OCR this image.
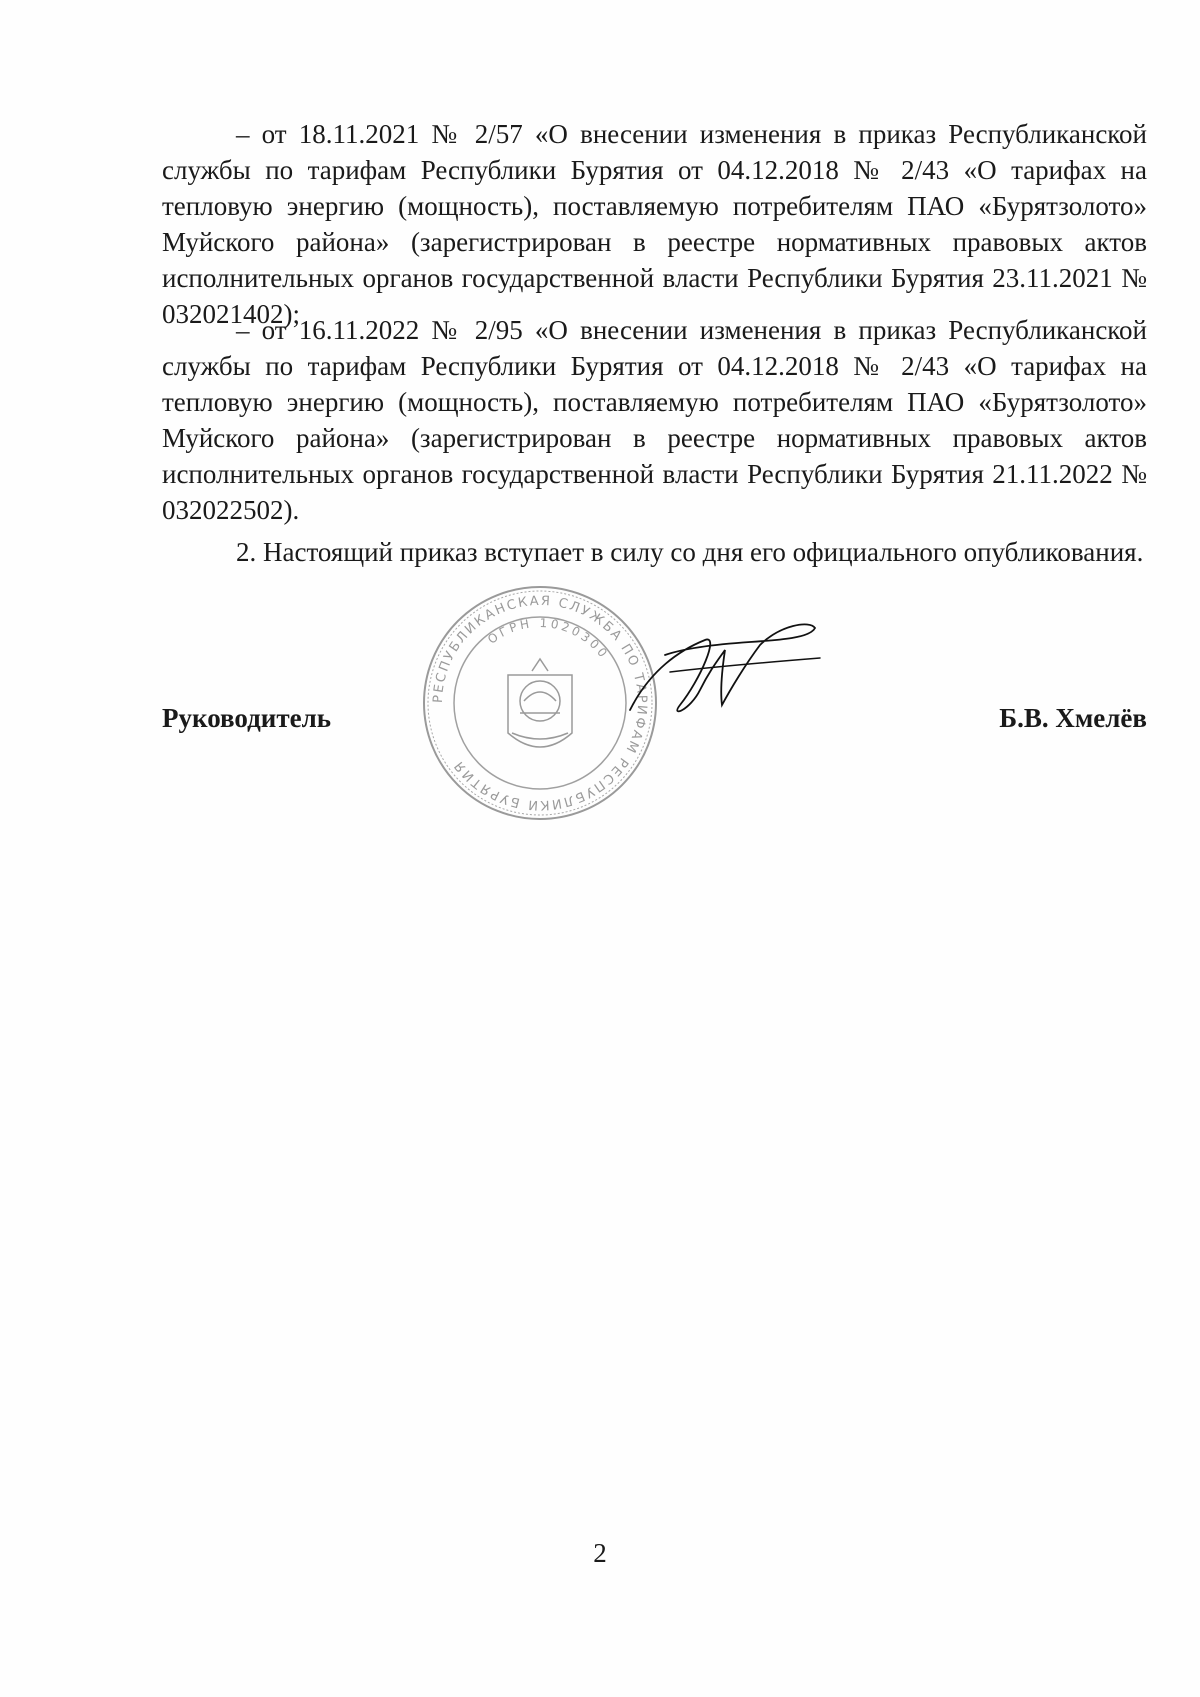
– от 18.11.2021 № 2/57 «О внесении изменения в приказ Республиканской службы по тарифам Республики Бурятия от 04.12.2018 № 2/43 «О тарифах на тепловую энергию (мощность), поставляемую потребителям ПАО «Бурятзолото» Муйского района» (зарегистрирован в реестре нормативных правовых актов исполнительных органов государственной власти Республики Бурятия 23.11.2021 № 032021402);

– от 16.11.2022 № 2/95 «О внесении изменения в приказ Республиканской службы по тарифам Республики Бурятия от 04.12.2018 № 2/43 «О тарифах на тепловую энергию (мощность), поставляемую потребителям ПАО «Бурятзолото» Муйского района» (зарегистрирован в реестре нормативных правовых актов исполнительных органов государственной власти Республики Бурятия 21.11.2022 № 032022502).

2. Настоящий приказ вступает в силу со дня его официального опубликования.

РЕСПУБЛИКАНСКАЯ СЛУЖБА ПО ТАРИФАМ РЕСПУБЛИКИ БУРЯТИЯ
ОГРН 1020300
Руководитель	Б.В. Хмелёв
2
